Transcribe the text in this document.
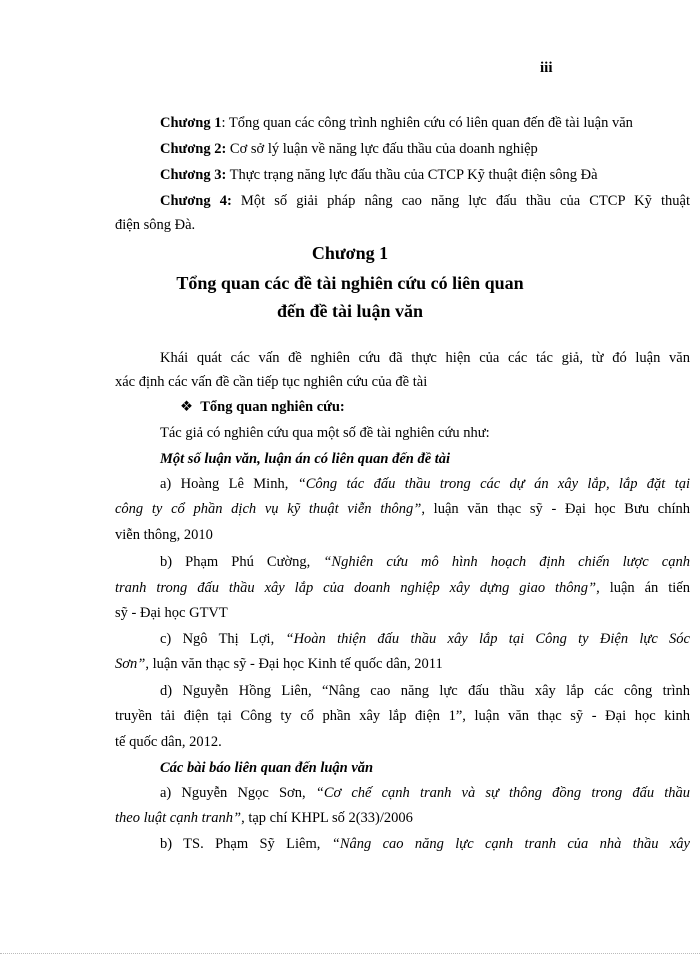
iii
Chương 1: Tổng quan các công trình nghiên cứu có liên quan đến đề tài luận văn
Chương 2: Cơ sở lý luận về năng lực đấu thầu của doanh nghiệp
Chương 3: Thực trạng năng lực đấu thầu của CTCP Kỹ thuật điện sông Đà
Chương 4: Một số giải pháp nâng cao năng lực đấu thầu của CTCP Kỹ thuật
điện sông Đà.
Chương 1
Tổng quan các đề tài nghiên cứu có liên quan
đến đề tài luận văn
Khái quát các vấn đề nghiên cứu đã thực hiện của các tác giả, từ đó luận văn
xác định các vấn đề cần tiếp tục nghiên cứu của đề tài
❖ Tổng quan nghiên cứu:
Tác giả có nghiên cứu qua một số đề tài nghiên cứu như:
Một số luận văn, luận án có liên quan đến đề tài
a) Hoàng Lê Minh, “Công tác đấu thầu trong các dự án xây lắp, lắp đặt tại
công ty cổ phần dịch vụ kỹ thuật viễn thông”, luận văn thạc sỹ - Đại học Bưu chính
viễn thông, 2010
b) Phạm Phú Cường, “Nghiên cứu mô hình hoạch định chiến lược cạnh
tranh trong đấu thầu xây lắp của doanh nghiệp xây dựng giao thông”, luận án tiến
sỹ - Đại học GTVT
c) Ngô Thị Lợi, “Hoàn thiện đấu thầu xây lắp tại Công ty Điện lực Sóc
Sơn”, luận văn thạc sỹ - Đại học Kinh tế quốc dân, 2011
d) Nguyễn Hồng Liên, “Nâng cao năng lực đấu thầu xây lắp các công trình
truyền tải điện tại Công ty cổ phần xây lắp điện 1”, luận văn thạc sỹ - Đại học kinh
tế quốc dân, 2012.
Các bài báo liên quan đến luận văn
a) Nguyễn Ngọc Sơn, “Cơ chế cạnh tranh và sự thông đồng trong đấu thầu
theo luật cạnh tranh”, tạp chí KHPL số 2(33)/2006
b) TS. Phạm Sỹ Liêm, “Nâng cao năng lực cạnh tranh của nhà thầu xây
